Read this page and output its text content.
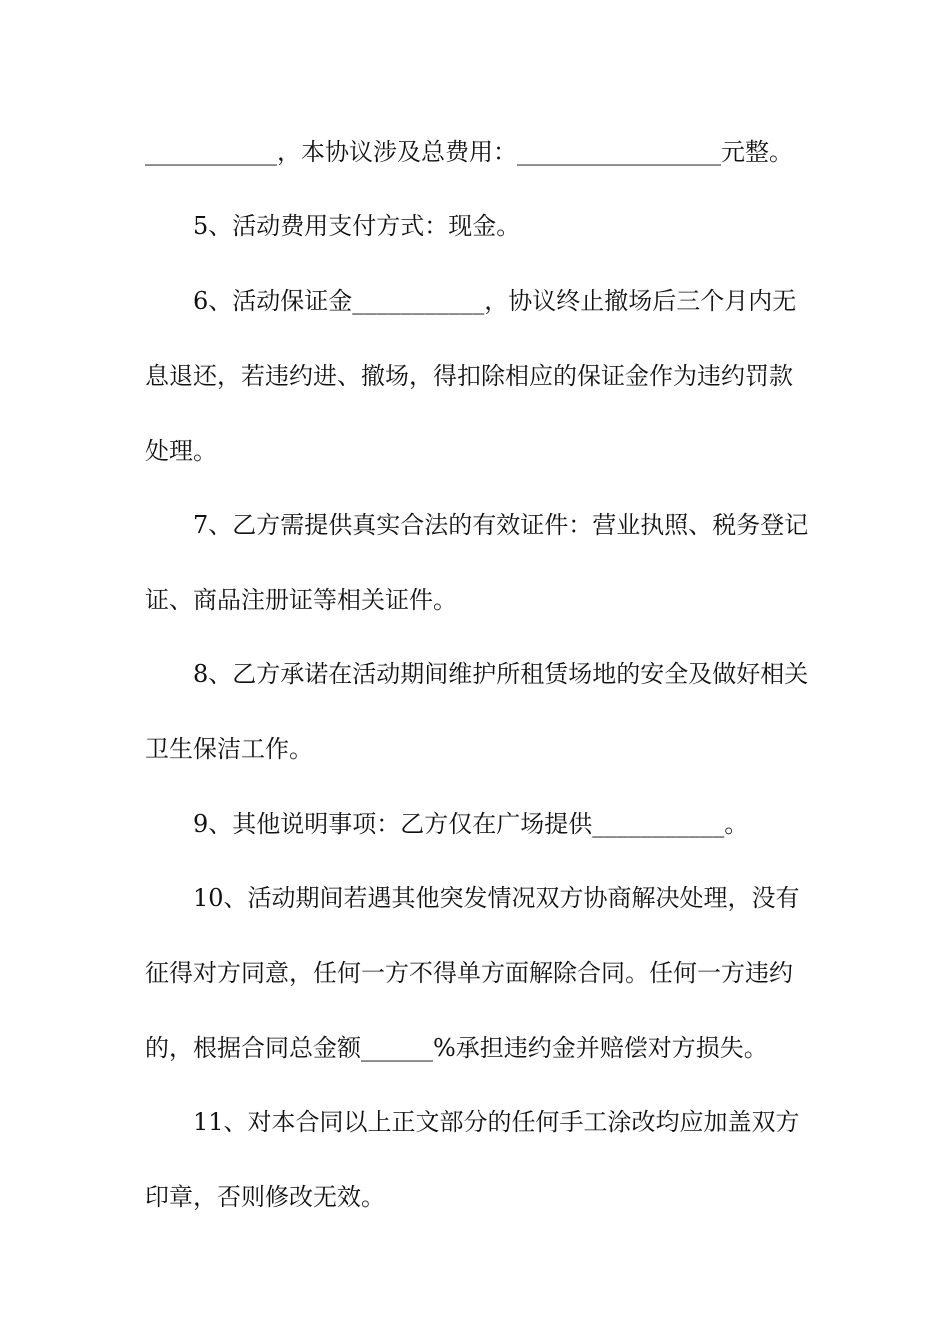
___________，本协议涉及总费用：_________________元整。
5、活动费用支付方式：现金。
6、活动保证金___________，协议终止撤场后三个月内无
息退还，若违约进、撤场，得扣除相应的保证金作为违约罚款
处理。
7、乙方需提供真实合法的有效证件：营业执照、税务登记
证、商品注册证等相关证件。
8、乙方承诺在活动期间维护所租赁场地的安全及做好相关
卫生保洁工作。
9、其他说明事项：乙方仅在广场提供___________。
10、活动期间若遇其他突发情况双方协商解决处理，没有
征得对方同意，任何一方不得单方面解除合同。任何一方违约
的，根据合同总金额______%承担违约金并赔偿对方损失。
11、对本合同以上正文部分的任何手工涂改均应加盖双方
印章，否则修改无效。
